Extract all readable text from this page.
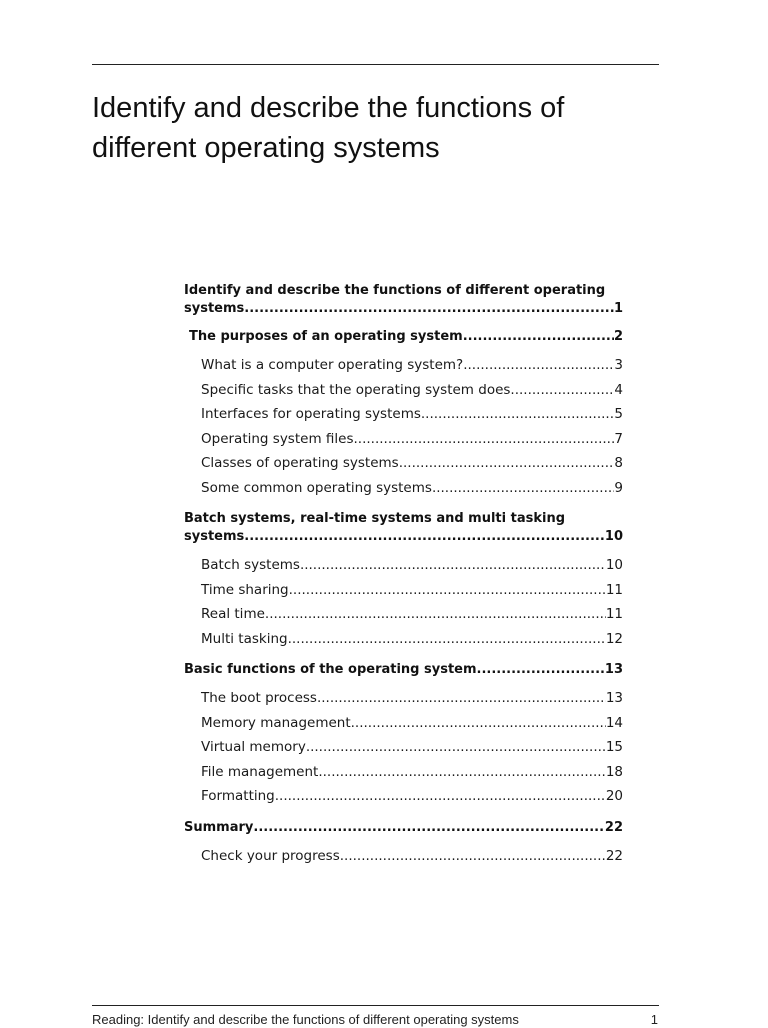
Identify and describe the functions of different operating systems
Identify and describe the functions of different operating
systems .....	1
The purposes of an operating system .....	2
What is a computer operating system? .....	3
Specific tasks that the operating system does .....	4
Interfaces for operating systems .....	5
Operating system files .....	7
Classes of operating systems .....	8
Some common operating systems .....	9
Batch systems, real-time systems and multi tasking
systems .....	10
Batch systems .....	10
Time sharing .....	11
Real time .....	11
Multi tasking .....	12
Basic functions of the operating system .....	13
The boot process .....	13
Memory management .....	14
Virtual memory .....	15
File management .....	18
Formatting .....	20
Summary .....	22
Check your progress .....	22
Reading: Identify and describe the functions of different operating systems	1
